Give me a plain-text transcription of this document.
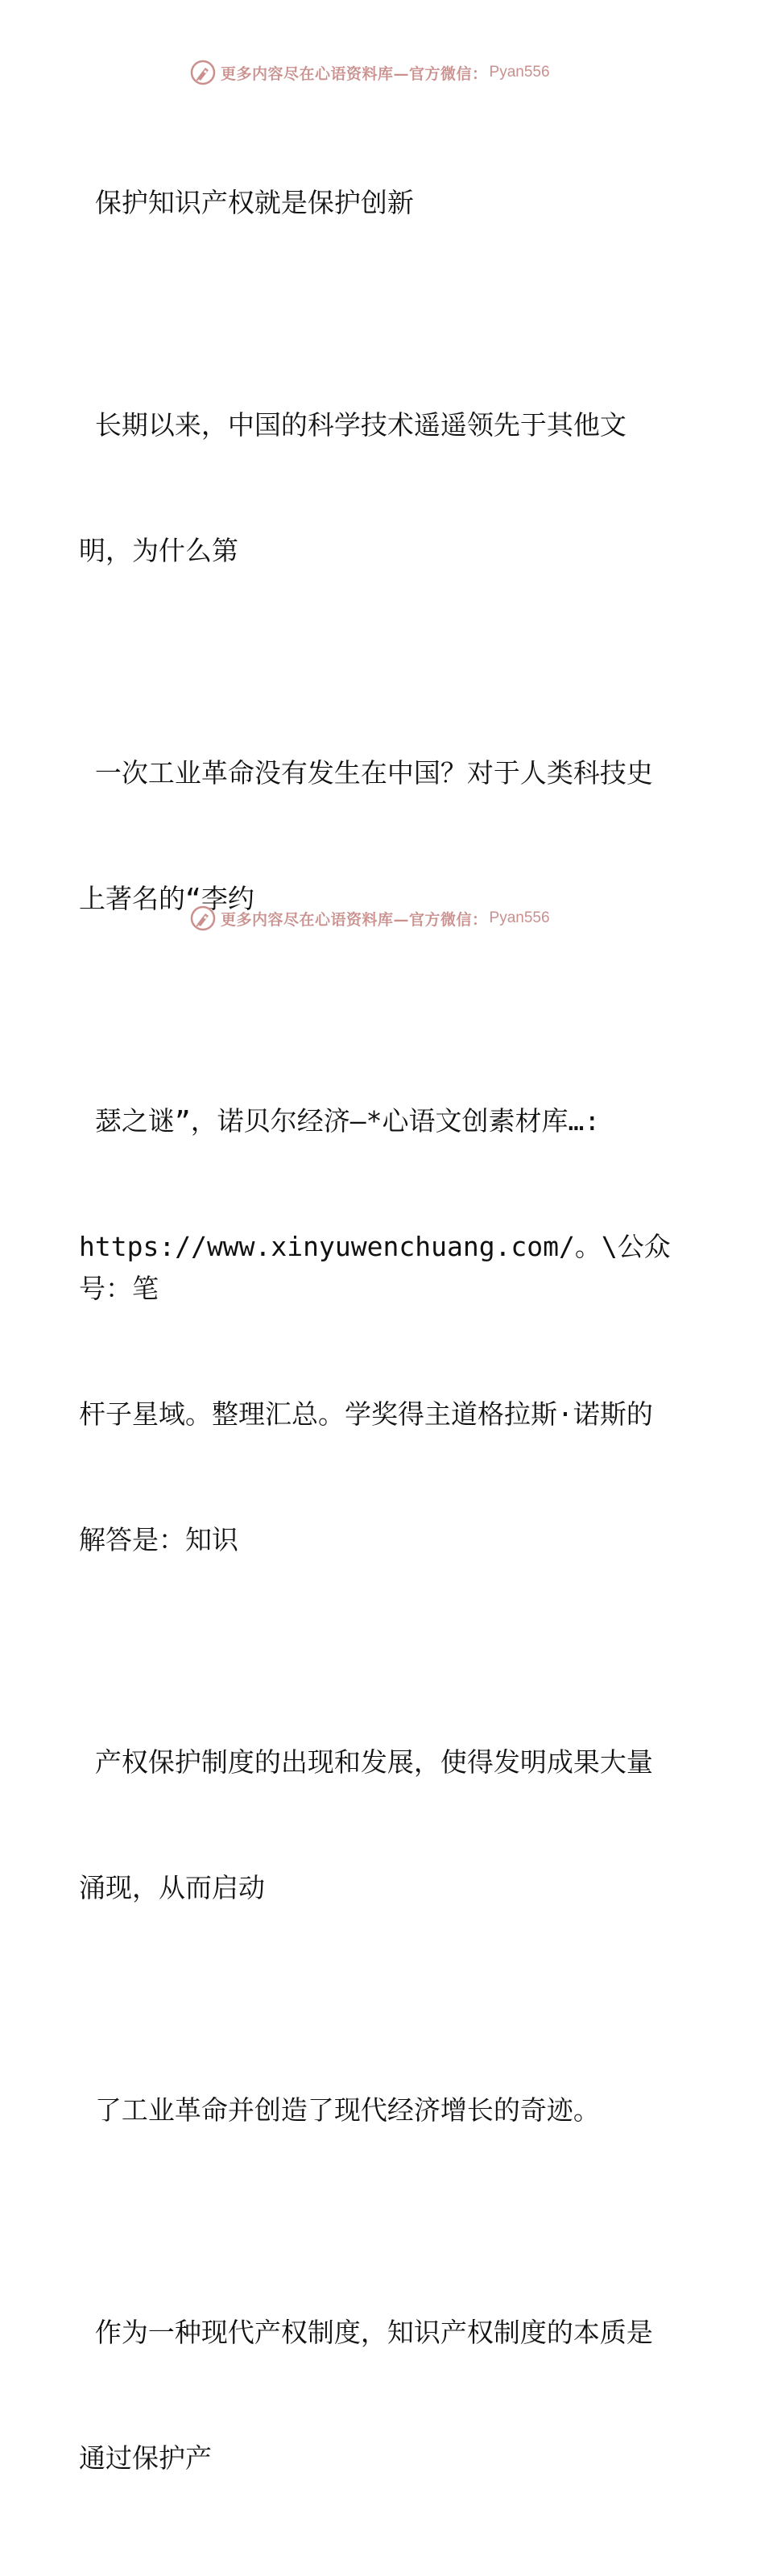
更多内容尽在心语资料库—官方微信： Pyan556

保护知识产权就是保护创新

长期以来，中国的科学技术遥遥领先于其他文

明，为什么第

一次工业革命没有发生在中国？对于人类科技史

上著名的“李约

瑟之谜”，诺贝尔经济—*心语文创素材库…:

https://www.xinyuwenchuang.com/。\公众号：笔

杆子星域。整理汇总。学奖得主道格拉斯·诺斯的

解答是：知识

产权保护制度的出现和发展，使得发明成果大量

涌现，从而启动

了工业革命并创造了现代经济增长的奇迹。

作为一种现代产权制度，知识产权制度的本质是

通过保护产

更多内容尽在心语资料库—官方微信： Pyan556
